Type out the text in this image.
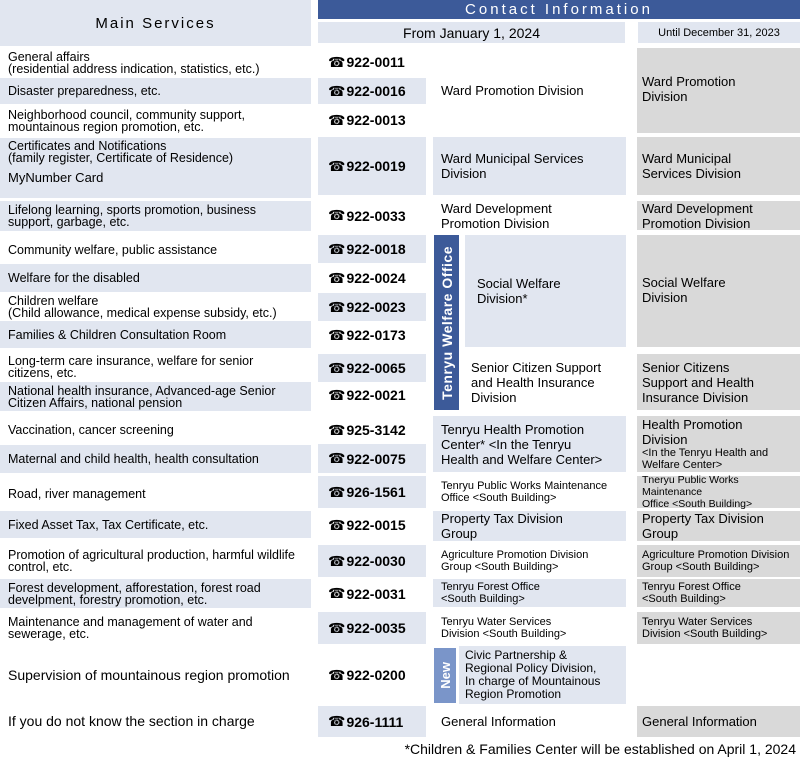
Main Services
Contact Information
From January 1, 2024	Until December 31, 2023
General affairs
(residential address indication, statistics, etc.)
Disaster preparedness, etc.
Neighborhood council, community support,
mountainous region promotion, etc.
Certificates and Notifications
(family register, Certificate of Residence)
MyNumber Card
Lifelong learning, sports promotion, business
support, garbage, etc.
Community welfare, public assistance
Welfare for the disabled
Children welfare
(Child allowance, medical expense subsidy, etc.)
Families & Children Consultation Room
Long-term care insurance, welfare for senior
citizens, etc.
National health insurance, Advanced-age Senior
Citizen Affairs, national pension
Vaccination, cancer screening
Maternal and child health, health consultation
Road, river management
Fixed Asset Tax, Tax Certificate, etc.
Promotion of agricultural production, harmful wildlife
control, etc.
Forest development, afforestation, forest road
develpment, forestry promotion, etc.
Maintenance and management of water and
sewerage, etc.
Supervision of mountainous region promotion
If you do not know the section in charge
☎ 922-0011
☎ 922-0016
☎ 922-0013
☎ 922-0019
☎ 922-0033
☎ 922-0018
☎ 922-0024
☎ 922-0023
☎ 922-0173
☎ 922-0065
☎ 922-0021
☎ 925-3142
☎ 922-0075
☎ 926-1561
☎ 922-0015
☎ 922-0030
☎ 922-0031
☎ 922-0035
☎ 922-0200
☎ 926-1111
Ward Promotion Division
Ward Municipal Services
Division
Ward Development
Promotion Division
Social Welfare
Division*
Senior Citizen Support
and Health Insurance
Division
Tenryu Health Promotion
Center* <In the Tenryu
Health and Welfare Center>
Tenryu Public Works Maintenance
Office <South Building>
Property Tax Division
Group
Agriculture Promotion Division
Group <South Building>
Tenryu Forest Office
<South Building>
Tenryu Water Services
Division <South Building>
Civic Partnership &
Regional Policy Division,
In charge of Mountainous
Region Promotion
General Information
Ward Promotion
Division
Ward Municipal
Services Division
Ward Development
Promotion Division
Social Welfare
Division
Senior Citizens
Support and Health
Insurance Division
Health Promotion
Division
<In the Tenryu Health and
Welfare Center>
Tneryu Public Works Maintenance
Office <South Building>
Property Tax Division
Group
Agriculture Promotion Division
Group <South Building>
Tenryu Forest Office
<South Building>
Tenryu Water Services
Division <South Building>
General Information
Tenryu Welfare Office
New
*Children & Families Center will be established on April 1, 2024
